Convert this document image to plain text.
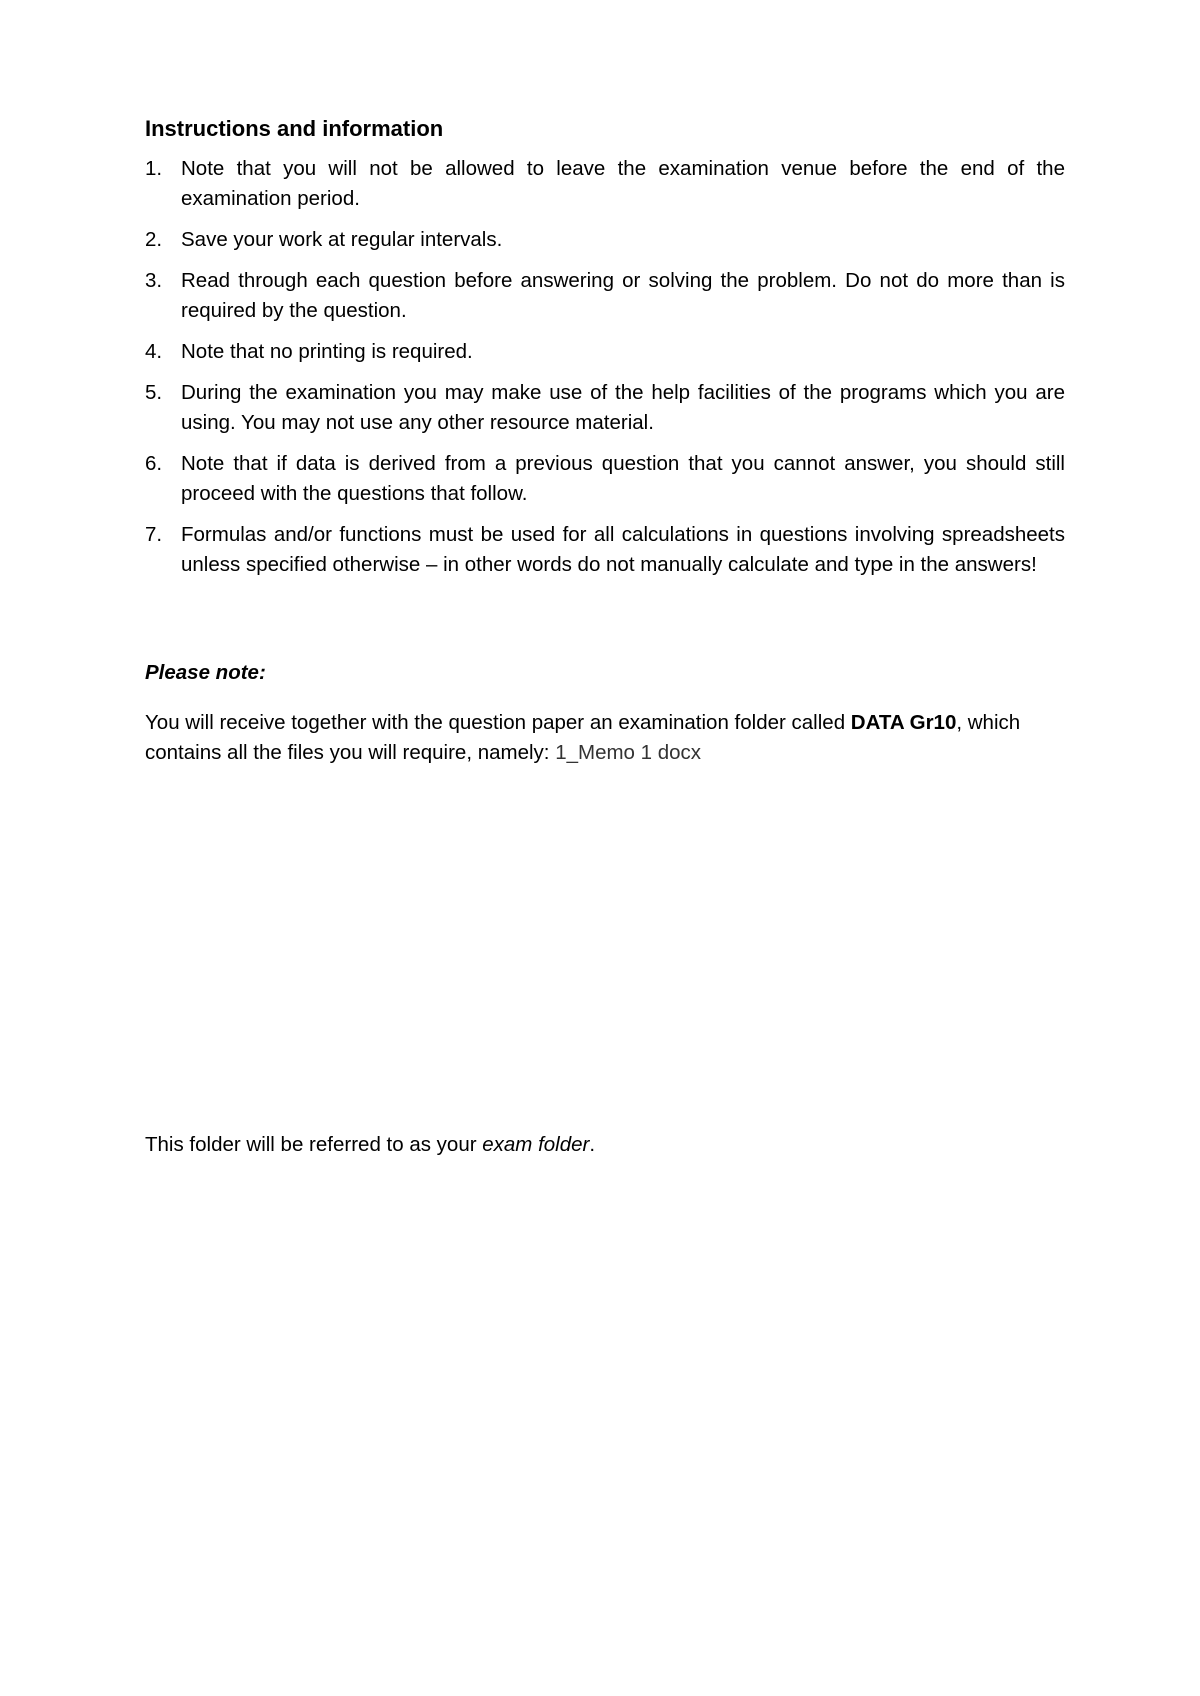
Instructions and information
1. Note that you will not be allowed to leave the examination venue before the end of the examination period.
2. Save your work at regular intervals.
3. Read through each question before answering or solving the problem. Do not do more than is required by the question.
4. Note that no printing is required.
5. During the examination you may make use of the help facilities of the programs which you are using. You may not use any other resource material.
6. Note that if data is derived from a previous question that you cannot answer, you should still proceed with the questions that follow.
7. Formulas and/or functions must be used for all calculations in questions involving spreadsheets unless specified otherwise – in other words do not manually calculate and type in the answers!

Please note:

You will receive together with the question paper an examination folder called DATA Gr10, which contains all the files you will require, namely: 1_Memo 1 docx

This folder will be referred to as your exam folder.
